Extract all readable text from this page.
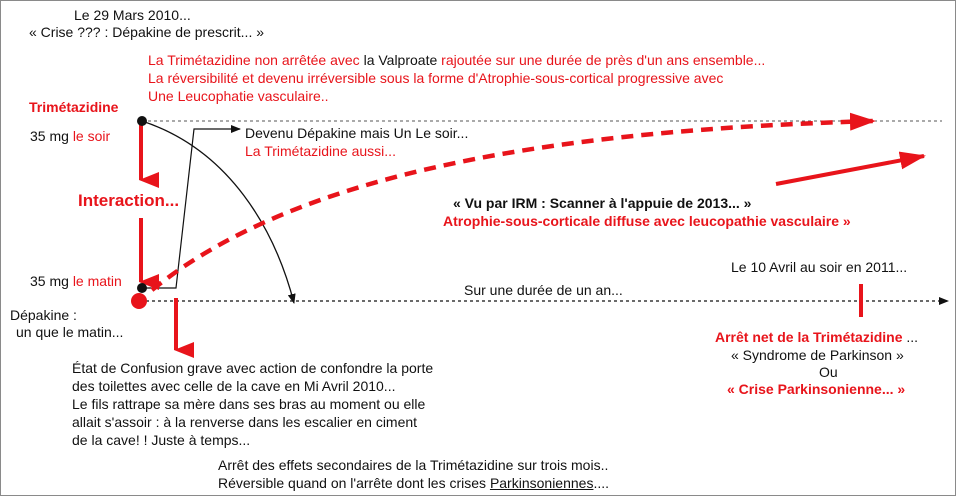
Le 29 Mars 2010...
« Crise ??? : Dépakine de prescrit... »
La Trimétazidine non arrêtée avec la Valproate rajoutée sur une durée de près d'un ans ensemble...
La réversibilité et devenu irréversible sous la forme d'Atrophie-sous-cortical progressive avec
Une Leucophatie vasculaire..
Trimétazidine
35 mg le soir
Interaction...
35 mg le matin
Dépakine :
un que le matin...
Devenu Dépakine mais Un Le soir...
La Trimétazidine aussi...
Sur une durée de un an...
« Vu par IRM : Scanner à l'appuie de 2013... »
Atrophie-sous-corticale diffuse avec leucopathie vasculaire »
Le 10 Avril au soir en 2011...
Arrêt net de la Trimétazidine ...
« Syndrome de Parkinson »
Ou
« Crise Parkinsonienne... »
État de Confusion grave avec action de confondre la porte
des toilettes avec celle de la cave en Mi Avril 2010...
Le fils rattrape sa mère dans ses bras au moment ou elle
allait s'assoir : à la renverse dans les escalier en ciment
de la cave! ! Juste à temps...
Arrêt des effets secondaires de la Trimétazidine sur trois mois..
Réversible quand on l'arrête dont les crises Parkinsoniennes....
